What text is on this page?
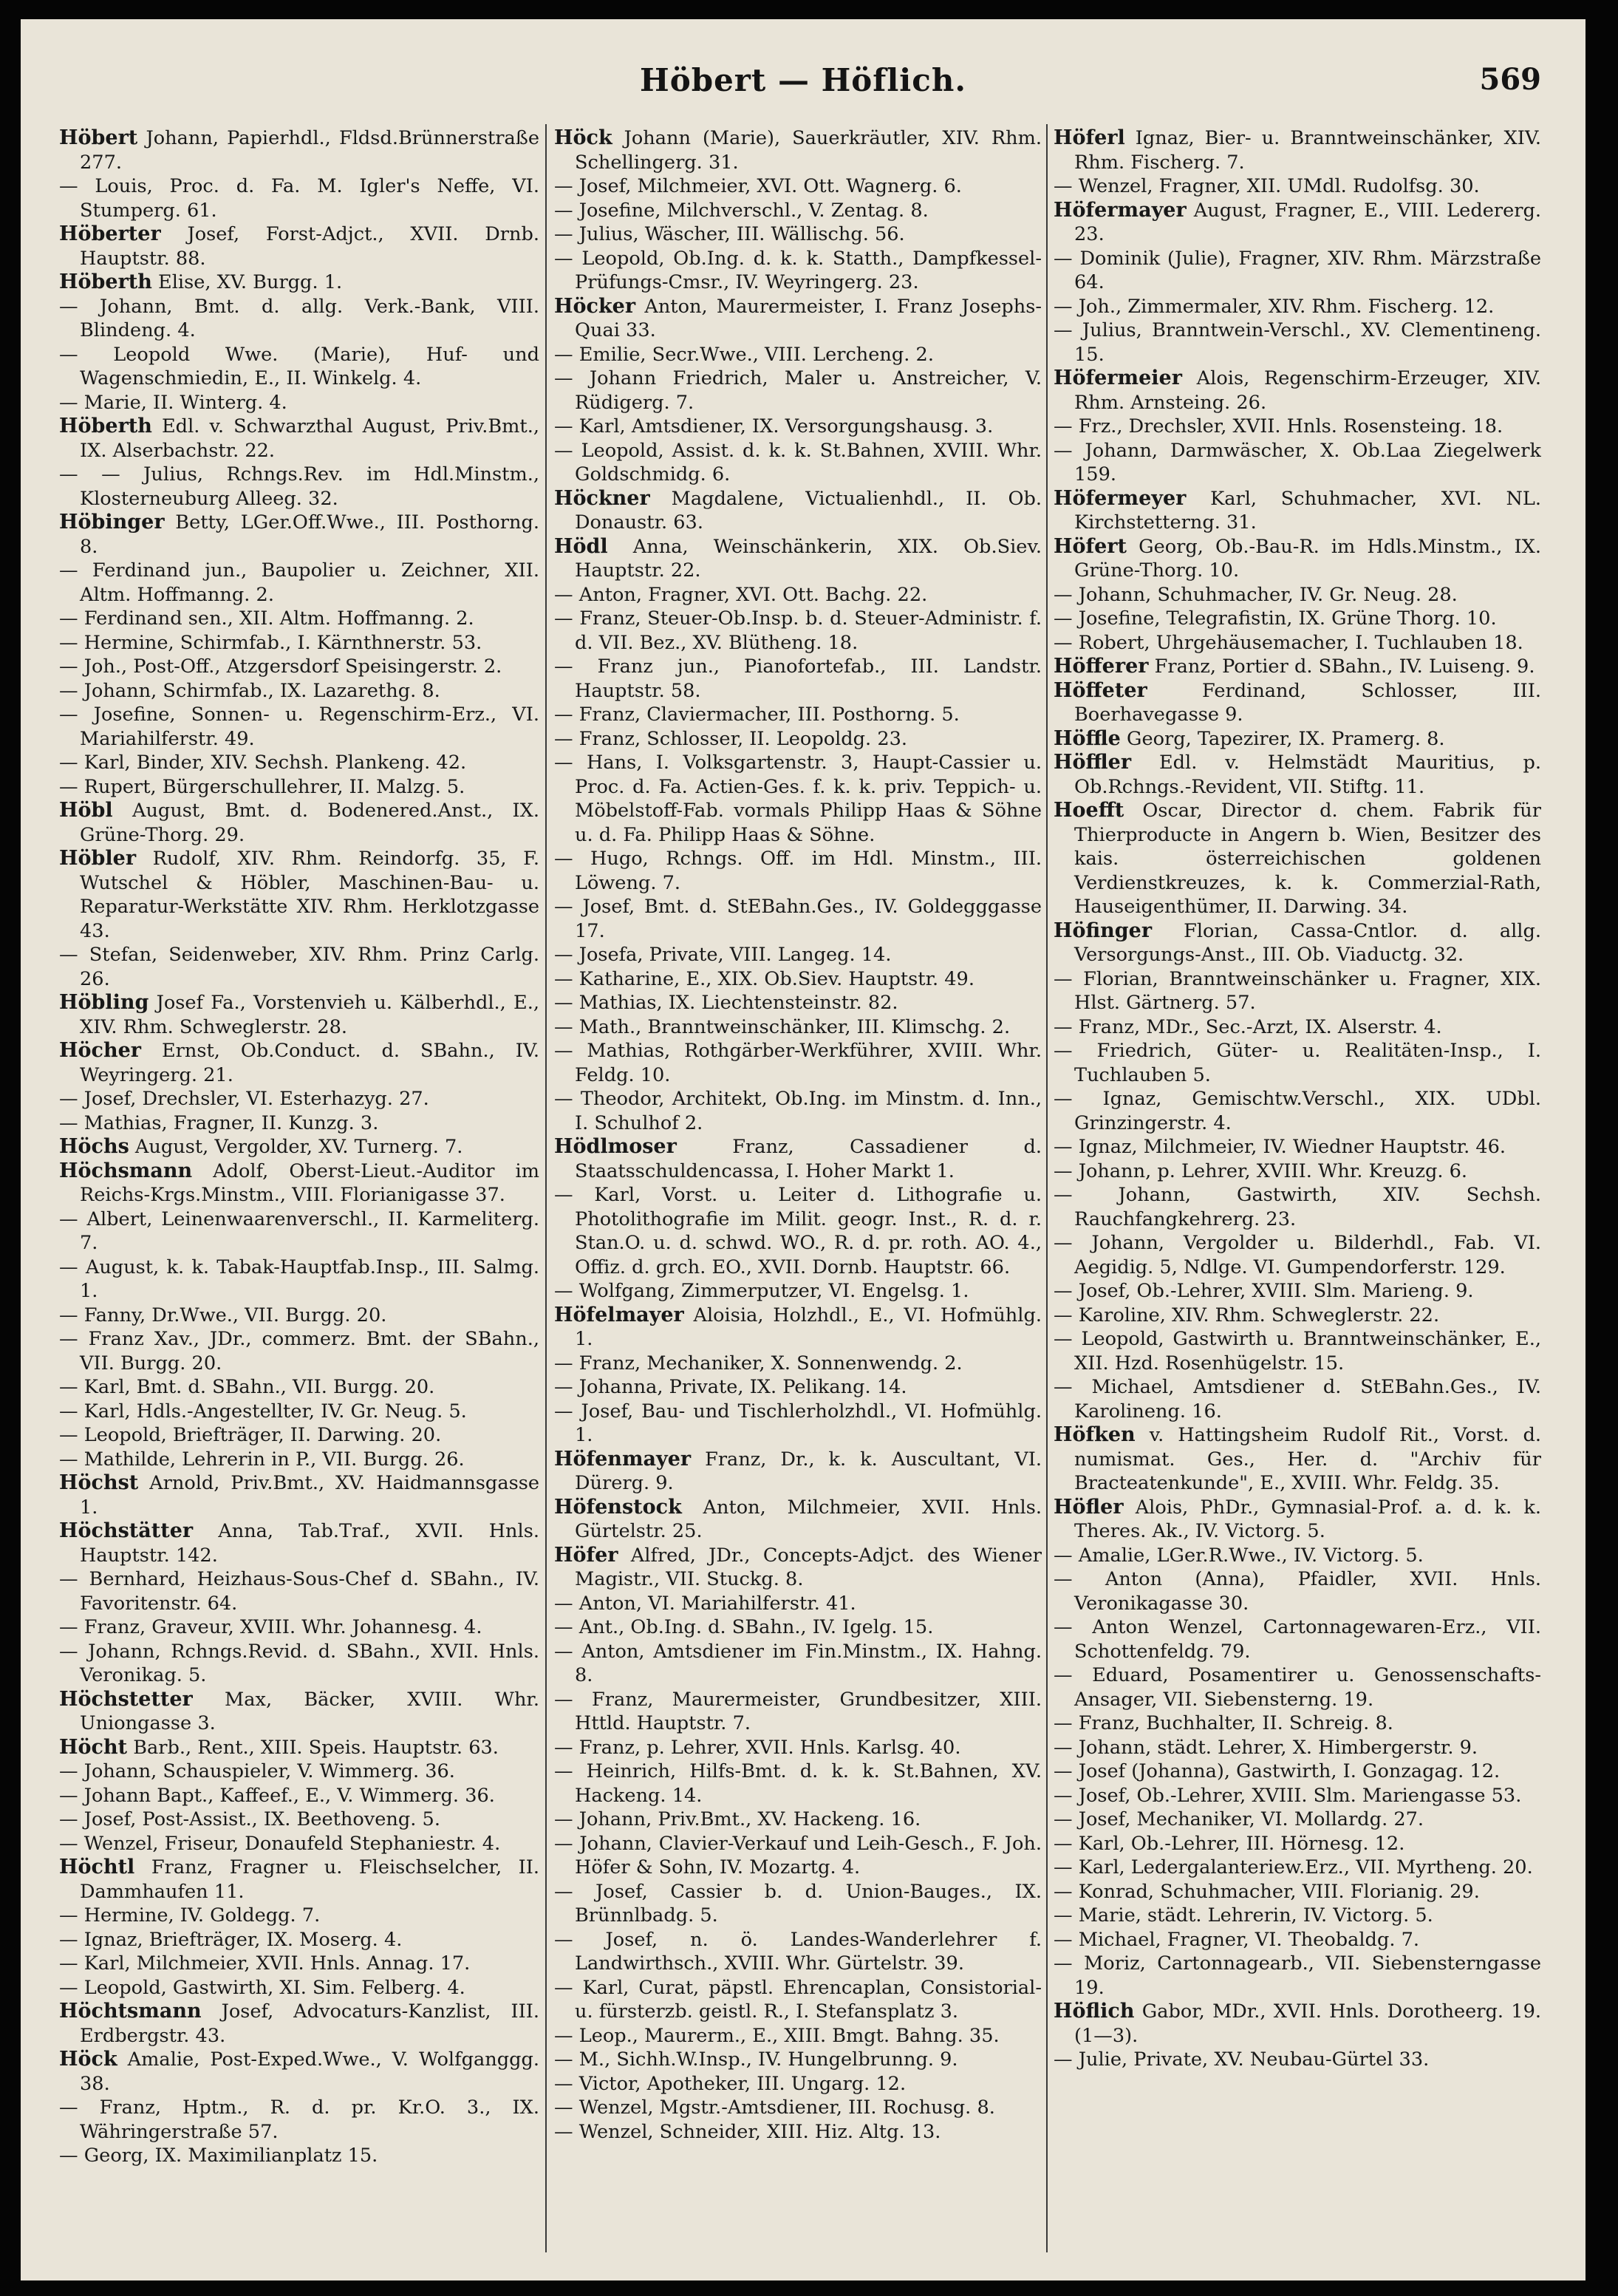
Höbert — Höflich.	569
Höbert Johann, Papierhdl., Fldsd.Brünnerstraße 277.
— Louis, Proc. d. Fa. M. Igler's Neffe, VI. Stumperg. 61.
Höberter Josef, Forst-Adjct., XVII. Drnb. Hauptstr. 88.
Höberth Elise, XV. Burgg. 1.
— Johann, Bmt. d. allg. Verk.-Bank, VIII. Blindeng. 4.
— Leopold Wwe. (Marie), Huf- und Wagenschmiedin, E., II. Winkelg. 4.
— Marie, II. Winterg. 4.
Höberth Edl. v. Schwarzthal August, Priv.Bmt., IX. Alserbachstr. 22.
— — Julius, Rchngs.Rev. im Hdl.Minstm., Klosterneuburg Alleeg. 32.
Höbinger Betty, LGer.Off.Wwe., III. Posthorng. 8.
— Ferdinand jun., Baupolier u. Zeichner, XII. Altm. Hoffmanng. 2.
— Ferdinand sen., XII. Altm. Hoffmanng. 2.
— Hermine, Schirmfab., I. Kärnthnerstr. 53.
— Joh., Post-Off., Atzgersdorf Speisingerstr. 2.
— Johann, Schirmfab., IX. Lazarethg. 8.
— Josefine, Sonnen- u. Regenschirm-Erz., VI. Mariahilferstr. 49.
— Karl, Binder, XIV. Sechsh. Plankeng. 42.
— Rupert, Bürgerschullehrer, II. Malzg. 5.
Höbl August, Bmt. d. Bodenered.Anst., IX. Grüne-Thorg. 29.
Höbler Rudolf, XIV. Rhm. Reindorfg. 35, F. Wutschel & Höbler, Maschinen-Bau- u. Reparatur-Werkstätte XIV. Rhm. Herklotzgasse 43.
— Stefan, Seidenweber, XIV. Rhm. Prinz Carlg. 26.
Höbling Josef Fa., Vorstenvieh u. Kälberhdl., E., XIV. Rhm. Schweglerstr. 28.
Höcher Ernst, Ob.Conduct. d. SBahn., IV. Weyringerg. 21.
— Josef, Drechsler, VI. Esterhazyg. 27.
— Mathias, Fragner, II. Kunzg. 3.
Höchs August, Vergolder, XV. Turnerg. 7.
Höchsmann Adolf, Oberst-Lieut.-Auditor im Reichs-Krgs.Minstm., VIII. Florianigasse 37.
— Albert, Leinenwaarenverschl., II. Karmeliterg. 7.
— August, k. k. Tabak-Hauptfab.Insp., III. Salmg. 1.
— Fanny, Dr.Wwe., VII. Burgg. 20.
— Franz Xav., JDr., commerz. Bmt. der SBahn., VII. Burgg. 20.
— Karl, Bmt. d. SBahn., VII. Burgg. 20.
— Karl, Hdls.-Angestellter, IV. Gr. Neug. 5.
— Leopold, Briefträger, II. Darwing. 20.
— Mathilde, Lehrerin in P., VII. Burgg. 26.
Höchst Arnold, Priv.Bmt., XV. Haidmannsgasse 1.
Höchstätter Anna, Tab.Traf., XVII. Hnls. Hauptstr. 142.
— Bernhard, Heizhaus-Sous-Chef d. SBahn., IV. Favoritenstr. 64.
— Franz, Graveur, XVIII. Whr. Johannesg. 4.
— Johann, Rchngs.Revid. d. SBahn., XVII. Hnls. Veronikag. 5.
Höchstetter Max, Bäcker, XVIII. Whr. Uniongasse 3.
Höcht Barb., Rent., XIII. Speis. Hauptstr. 63.
— Johann, Schauspieler, V. Wimmerg. 36.
— Johann Bapt., Kaffeef., E., V. Wimmerg. 36.
— Josef, Post-Assist., IX. Beethoveng. 5.
— Wenzel, Friseur, Donaufeld Stephaniestr. 4.
Höchtl Franz, Fragner u. Fleischselcher, II. Dammhaufen 11.
— Hermine, IV. Goldegg. 7.
— Ignaz, Briefträger, IX. Moserg. 4.
— Karl, Milchmeier, XVII. Hnls. Annag. 17.
— Leopold, Gastwirth, XI. Sim. Felberg. 4.
Höchtsmann Josef, Advocaturs-Kanzlist, III. Erdbergstr. 43.
Höck Amalie, Post-Exped.Wwe., V. Wolfganggg. 38.
— Franz, Hptm., R. d. pr. Kr.O. 3., IX. Währingerstraße 57.
— Georg, IX. Maximilianplatz 15.
Höck Johann (Marie), Sauerkräutler, XIV. Rhm. Schellingerg. 31.
— Josef, Milchmeier, XVI. Ott. Wagnerg. 6.
— Josefine, Milchverschl., V. Zentag. 8.
— Julius, Wäscher, III. Wällischg. 56.
— Leopold, Ob.Ing. d. k. k. Statth., Dampfkessel-Prüfungs-Cmsr., IV. Weyringerg. 23.
Höcker Anton, Maurermeister, I. Franz Josephs-Quai 33.
— Emilie, Secr.Wwe., VIII. Lercheng. 2.
— Johann Friedrich, Maler u. Anstreicher, V. Rüdigerg. 7.
— Karl, Amtsdiener, IX. Versorgungshausg. 3.
— Leopold, Assist. d. k. k. St.Bahnen, XVIII. Whr. Goldschmidg. 6.
Höckner Magdalene, Victualienhdl., II. Ob. Donaustr. 63.
Hödl Anna, Weinschänkerin, XIX. Ob.Siev. Hauptstr. 22.
— Anton, Fragner, XVI. Ott. Bachg. 22.
— Franz, Steuer-Ob.Insp. b. d. Steuer-Administr. f. d. VII. Bez., XV. Blütheng. 18.
— Franz jun., Pianofortefab., III. Landstr. Hauptstr. 58.
— Franz, Claviermacher, III. Posthorng. 5.
— Franz, Schlosser, II. Leopoldg. 23.
— Hans, I. Volksgartenstr. 3, Haupt-Cassier u. Proc. d. Fa. Actien-Ges. f. k. k. priv. Teppich- u. Möbelstoff-Fab. vormals Philipp Haas & Söhne u. d. Fa. Philipp Haas & Söhne.
— Hugo, Rchngs. Off. im Hdl. Minstm., III. Löweng. 7.
— Josef, Bmt. d. StEBahn.Ges., IV. Goldegggasse 17.
— Josefa, Private, VIII. Langeg. 14.
— Katharine, E., XIX. Ob.Siev. Hauptstr. 49.
— Mathias, IX. Liechtensteinstr. 82.
— Math., Branntweinschänker, III. Klimschg. 2.
— Mathias, Rothgärber-Werkführer, XVIII. Whr. Feldg. 10.
— Theodor, Architekt, Ob.Ing. im Minstm. d. Inn., I. Schulhof 2.
Hödlmoser Franz, Cassadiener d. Staatsschuldencassa, I. Hoher Markt 1.
— Karl, Vorst. u. Leiter d. Lithografie u. Photolithografie im Milit. geogr. Inst., R. d. r. Stan.O. u. d. schwd. WO., R. d. pr. roth. AO. 4., Offiz. d. grch. EO., XVII. Dornb. Hauptstr. 66.
— Wolfgang, Zimmerputzer, VI. Engelsg. 1.
Höfelmayer Aloisia, Holzhdl., E., VI. Hofmühlg. 1.
— Franz, Mechaniker, X. Sonnenwendg. 2.
— Johanna, Private, IX. Pelikang. 14.
— Josef, Bau- und Tischlerholzhdl., VI. Hofmühlg. 1.
Höfenmayer Franz, Dr., k. k. Auscultant, VI. Dürerg. 9.
Höfenstock Anton, Milchmeier, XVII. Hnls. Gürtelstr. 25.
Höfer Alfred, JDr., Concepts-Adjct. des Wiener Magistr., VII. Stuckg. 8.
— Anton, VI. Mariahilferstr. 41.
— Ant., Ob.Ing. d. SBahn., IV. Igelg. 15.
— Anton, Amtsdiener im Fin.Minstm., IX. Hahng. 8.
— Franz, Maurermeister, Grundbesitzer, XIII. Httld. Hauptstr. 7.
— Franz, p. Lehrer, XVII. Hnls. Karlsg. 40.
— Heinrich, Hilfs-Bmt. d. k. k. St.Bahnen, XV. Hackeng. 14.
— Johann, Priv.Bmt., XV. Hackeng. 16.
— Johann, Clavier-Verkauf und Leih-Gesch., F. Joh. Höfer & Sohn, IV. Mozartg. 4.
— Josef, Cassier b. d. Union-Bauges., IX. Brünnlbadg. 5.
— Josef, n. ö. Landes-Wanderlehrer f. Landwirthsch., XVIII. Whr. Gürtelstr. 39.
— Karl, Curat, päpstl. Ehrencaplan, Consistorial- u. fürsterzb. geistl. R., I. Stefansplatz 3.
— Leop., Maurerm., E., XIII. Bmgt. Bahng. 35.
— M., Sichh.W.Insp., IV. Hungelbrunng. 9.
— Victor, Apotheker, III. Ungarg. 12.
— Wenzel, Mgstr.-Amtsdiener, III. Rochusg. 8.
— Wenzel, Schneider, XIII. Hiz. Altg. 13.
Höferl Ignaz, Bier- u. Branntweinschänker, XIV. Rhm. Fischerg. 7.
— Wenzel, Fragner, XII. UMdl. Rudolfsg. 30.
Höfermayer August, Fragner, E., VIII. Ledererg. 23.
— Dominik (Julie), Fragner, XIV. Rhm. Märzstraße 64.
— Joh., Zimmermaler, XIV. Rhm. Fischerg. 12.
— Julius, Branntwein-Verschl., XV. Clementineng. 15.
Höfermeier Alois, Regenschirm-Erzeuger, XIV. Rhm. Arnsteing. 26.
— Frz., Drechsler, XVII. Hnls. Rosensteing. 18.
— Johann, Darmwäscher, X. Ob.Laa Ziegelwerk 159.
Höfermeyer Karl, Schuhmacher, XVI. NL. Kirchstetterng. 31.
Höfert Georg, Ob.-Bau-R. im Hdls.Minstm., IX. Grüne-Thorg. 10.
— Johann, Schuhmacher, IV. Gr. Neug. 28.
— Josefine, Telegrafistin, IX. Grüne Thorg. 10.
— Robert, Uhrgehäusemacher, I. Tuchlauben 18.
Höfferer Franz, Portier d. SBahn., IV. Luiseng. 9.
Höffeter Ferdinand, Schlosser, III. Boerhavegasse 9.
Höffle Georg, Tapezirer, IX. Pramerg. 8.
Höffler Edl. v. Helmstädt Mauritius, p. Ob.Rchngs.-Revident, VII. Stiftg. 11.
Hoefft Oscar, Director d. chem. Fabrik für Thierproducte in Angern b. Wien, Besitzer des kais. österreichischen goldenen Verdienstkreuzes, k. k. Commerzial-Rath, Hauseigenthümer, II. Darwing. 34.
Höfinger Florian, Cassa-Cntlor. d. allg. Versorgungs-Anst., III. Ob. Viaductg. 32.
— Florian, Branntweinschänker u. Fragner, XIX. Hlst. Gärtnerg. 57.
— Franz, MDr., Sec.-Arzt, IX. Alserstr. 4.
— Friedrich, Güter- u. Realitäten-Insp., I. Tuchlauben 5.
— Ignaz, Gemischtw.Verschl., XIX. UDbl. Grinzingerstr. 4.
— Ignaz, Milchmeier, IV. Wiedner Hauptstr. 46.
— Johann, p. Lehrer, XVIII. Whr. Kreuzg. 6.
— Johann, Gastwirth, XIV. Sechsh. Rauchfangkehrerg. 23.
— Johann, Vergolder u. Bilderhdl., Fab. VI. Aegidig. 5, Ndlge. VI. Gumpendorferstr. 129.
— Josef, Ob.-Lehrer, XVIII. Slm. Marieng. 9.
— Karoline, XIV. Rhm. Schweglerstr. 22.
— Leopold, Gastwirth u. Branntweinschänker, E., XII. Hzd. Rosenhügelstr. 15.
— Michael, Amtsdiener d. StEBahn.Ges., IV. Karolineng. 16.
Höfken v. Hattingsheim Rudolf Rit., Vorst. d. numismat. Ges., Her. d. "Archiv für Bracteatenkunde", E., XVIII. Whr. Feldg. 35.
Höfler Alois, PhDr., Gymnasial-Prof. a. d. k. k. Theres. Ak., IV. Victorg. 5.
— Amalie, LGer.R.Wwe., IV. Victorg. 5.
— Anton (Anna), Pfaidler, XVII. Hnls. Veronikagasse 30.
— Anton Wenzel, Cartonnagewaren-Erz., VII. Schottenfeldg. 79.
— Eduard, Posamentirer u. Genossenschafts-Ansager, VII. Siebensterng. 19.
— Franz, Buchhalter, II. Schreig. 8.
— Johann, städt. Lehrer, X. Himbergerstr. 9.
— Josef (Johanna), Gastwirth, I. Gonzagag. 12.
— Josef, Ob.-Lehrer, XVIII. Slm. Mariengasse 53.
— Josef, Mechaniker, VI. Mollardg. 27.
— Karl, Ob.-Lehrer, III. Hörnesg. 12.
— Karl, Ledergalanteriew.Erz., VII. Myrtheng. 20.
— Konrad, Schuhmacher, VIII. Florianig. 29.
— Marie, städt. Lehrerin, IV. Victorg. 5.
— Michael, Fragner, VI. Theobaldg. 7.
— Moriz, Cartonnagearb., VII. Siebensterngasse 19.
Höflich Gabor, MDr., XVII. Hnls. Dorotheerg. 19. (1—3).
— Julie, Private, XV. Neubau-Gürtel 33.
